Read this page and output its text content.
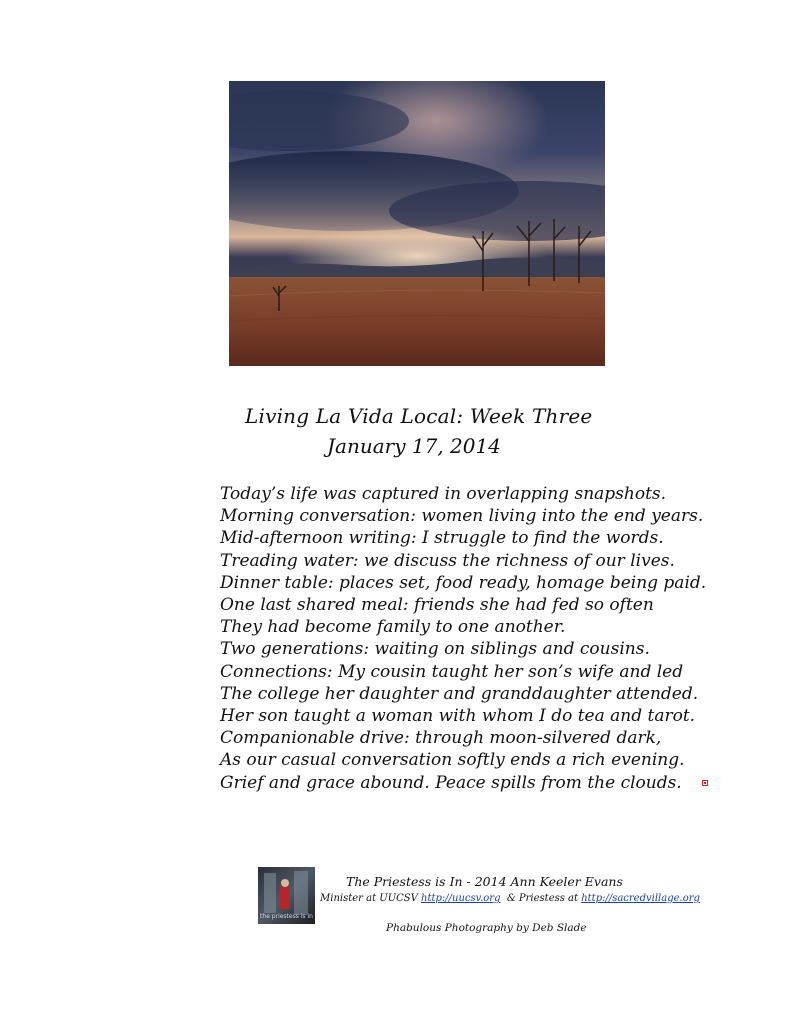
Living La Vida Local: Week Three
January 17, 2014
Today’s life was captured in overlapping snapshots.
Morning conversation: women living into the end years.
Mid-afternoon writing: I struggle to find the words.
Treading water: we discuss the richness of our lives.
Dinner table: places set, food ready, homage being paid.
One last shared meal: friends she had fed so often
They had become family to one another.
Two generations: waiting on siblings and cousins.
Connections: My cousin taught her son’s wife and led
The college her daughter and granddaughter attended.
Her son taught a woman with whom I do tea and tarot.
Companionable drive: through moon-silvered dark,
As our casual conversation softly ends a rich evening.
Grief and grace abound. Peace spills from the clouds.
the priestess is in
The Priestess is In - 2014 Ann Keeler Evans
Minister at UUCSV http://uucsv.org  & Priestess at http://sacredvillage.org
Phabulous Photography by Deb Slade
